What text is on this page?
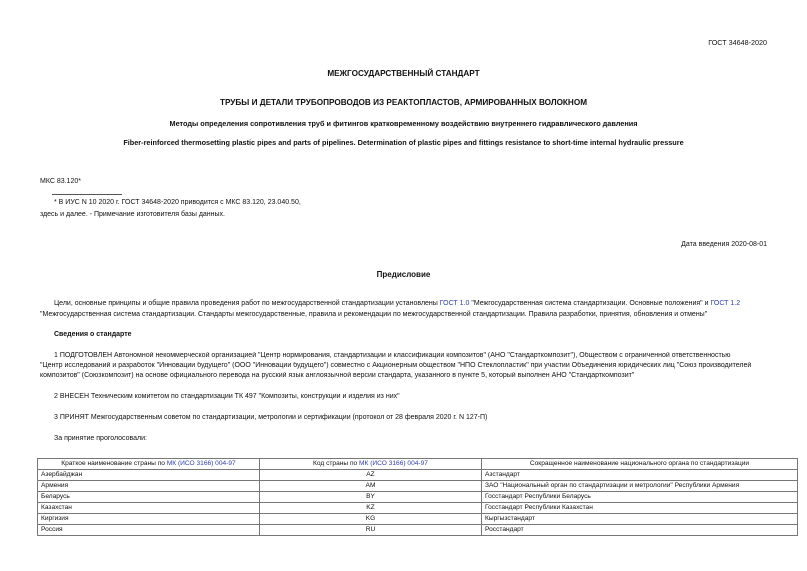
ГОСТ 34648-2020
МЕЖГОСУДАРСТВЕННЫЙ СТАНДАРТ
ТРУБЫ И ДЕТАЛИ ТРУБОПРОВОДОВ ИЗ РЕАКТОПЛАСТОВ, АРМИРОВАННЫХ ВОЛОКНОМ
Методы определения сопротивления труб и фитингов кратковременному воздействию внутреннего гидравлического давления
Fiber-reinforced thermosetting plastic pipes and parts of pipelines. Determination of plastic pipes and fittings resistance to short-time internal hydraulic pressure
МКС 83.120*
* В ИУС N 10 2020 г. ГОСТ 34648-2020 приводится с МКС 83.120, 23.040.50,
здесь и далее. - Примечание изготовителя базы данных.
Дата введения 2020-08-01
Предисловие
Цели, основные принципы и общие правила проведения работ по межгосударственной стандартизации установлены ГОСТ 1.0 "Межгосударственная система стандартизации. Основные положения" и ГОСТ 1.2
"Межгосударственная система стандартизации. Стандарты межгосударственные, правила и рекомендации по межгосударственной стандартизации. Правила разработки, принятия, обновления и отмены"
Сведения о стандарте
1 ПОДГОТОВЛЕН Автономной некоммерческой организацией "Центр нормирования, стандартизации и классификации композитов" (АНО "Стандарткомпозит"), Обществом с ограниченной ответственностью
"Центр исследований и разработок "Инновации будущего" (ООО "Инновации будущего") совместно с Акционерным обществом "НПО Стеклопластик" при участии Объединения юридических лиц "Союз производителей
композитов" (Союзкомпозит) на основе официального перевода на русский язык англоязычной версии стандарта, указанного в пункте 5, который выполнен АНО "Стандарткомпозит"
2 ВНЕСЕН Техническим комитетом по стандартизации ТК 497 "Композиты, конструкции и изделия из них"
3 ПРИНЯТ Межгосударственным советом по стандартизации, метрологии и сертификации (протокол от 28 февраля 2020 г. N 127-П)
За принятие проголосовали:
Краткое наименование страны по МК (ИСО 3166) 004-97	Код страны по МК (ИСО 3166) 004-97	Сокращенное наименование национального органа по стандартизации
Азербайджан	AZ	Азстандарт
Армения	AM	ЗАО "Национальный орган по стандартизации и метрологии" Республики Армения
Беларусь	BY	Госстандарт Республики Беларусь
Казахстан	KZ	Госстандарт Республики Казахстан
Киргизия	KG	Кыргызстандарт
Россия	RU	Росстандарт
